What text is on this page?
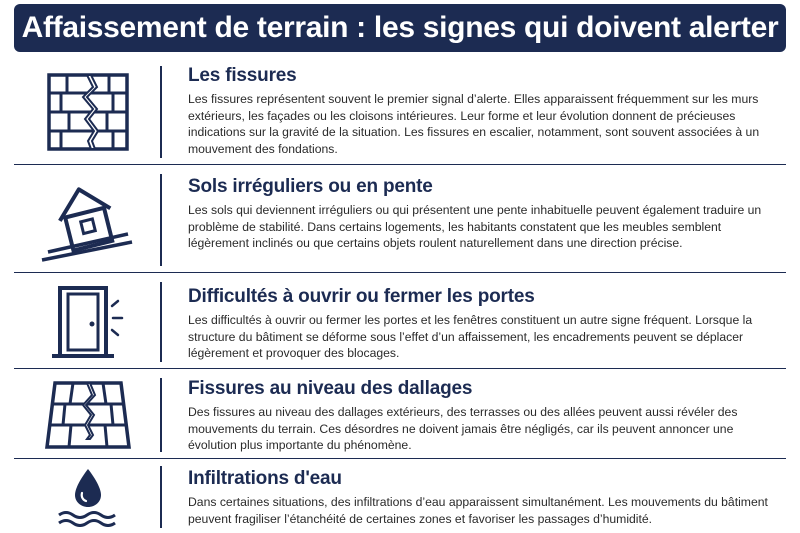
Affaissement de terrain : les signes qui doivent alerter
Les fissures

Les fissures représentent souvent le premier signal d’alerte. Elles apparaissent fréquemment sur les murs extérieurs, les façades ou les cloisons intérieures. Leur forme et leur évolution donnent de précieuses indications sur la gravité de la situation. Les fissures en escalier, notamment, sont souvent associées à un mouvement des fondations.

Sols irréguliers ou en pente

Les sols qui deviennent irréguliers ou qui présentent une pente inhabituelle peuvent également traduire un problème de stabilité. Dans certains logements, les habitants constatent que les meubles semblent légèrement inclinés ou que certains objets roulent naturellement dans une direction précise.

Difficultés à ouvrir ou fermer les portes

Les difficultés à ouvrir ou fermer les portes et les fenêtres constituent un autre signe fréquent. Lorsque la structure du bâtiment se déforme sous l’effet d’un affaissement, les encadrements peuvent se déplacer légèrement et provoquer des blocages.

Fissures au niveau des dallages

Des fissures au niveau des dallages extérieurs, des terrasses ou des allées peuvent aussi révéler des mouvements du terrain. Ces désordres ne doivent jamais être négligés, car ils peuvent annoncer une évolution plus importante du phénomène.

Infiltrations d'eau

Dans certaines situations, des infiltrations d’eau apparaissent simultanément. Les mouvements du bâtiment peuvent fragiliser l’étanchéité de certaines zones et favoriser les passages d’humidité.
